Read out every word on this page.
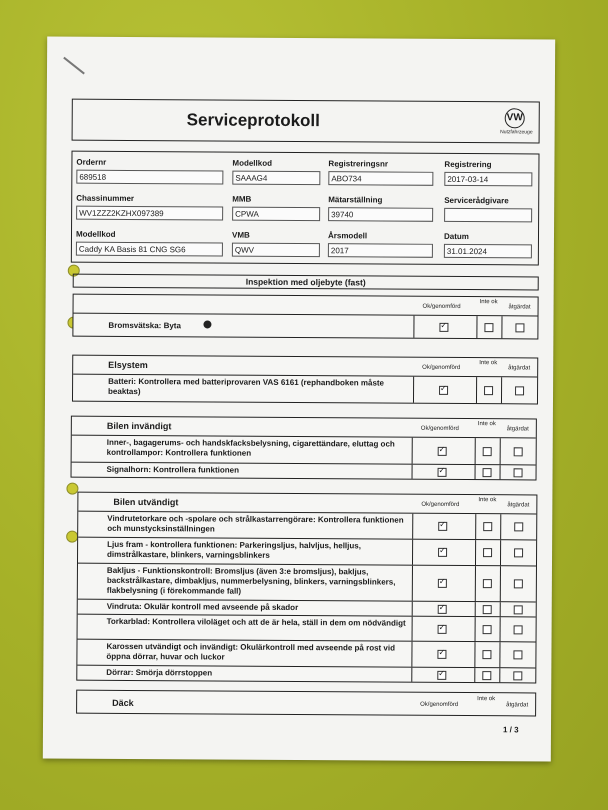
Serviceprotokoll	VW
Nutzfahrzeuge
Ordernr
689518
Modellkod
SAAAG4
Registreringsnr
ABO734
Registrering
2017-03-14
Chassinummer
WV1ZZZ2KZHX097389
MMB
CPWA
Mätarställning
39740
Servicerådgivare
Modellkod
Caddy KA Basis 81 CNG SG6
VMB
QWV
Årsmodell
2017
Datum
31.01.2024
Inspektion med oljebyte (fast)
Ok/genomförd
Inte ok
åtgärdat
Bromsvätska: Byta
✓
Elsystem	Ok/genomförd
Inte ok
åtgärdat
Batteri: Kontrollera med batteriprovaren VAS 6161 (rephandboken måste beaktas)
✓
Bilen invändigt	Ok/genomförd
Inte ok
åtgärdat
Inner-, bagagerums- och handskfacksbelysning, cigarettändare, eluttag och kontrollampor: Kontrollera funktionen
✓
Signalhorn: Kontrollera funktionen
✓
Bilen utvändigt	Ok/genomförd
Inte ok
åtgärdat
Vindrutetorkare och -spolare och strålkastarrengörare: Kontrollera funktionen och munstycksinställningen
✓
Ljus fram - kontrollera funktionen: Parkeringsljus, halvljus, helljus, dimstrålkastare, blinkers, varningsblinkers
✓
Bakljus - Funktionskontroll: Bromsljus (även 3:e bromsljus), bakljus, backstrålkastare, dimbakljus, nummerbelysning, blinkers, varningsblinkers, flakbelysning (i förekommande fall)
✓
Vindruta: Okulär kontroll med avseende på skador
✓
Torkarblad: Kontrollera viloläget och att de är hela, ställ in dem om nödvändigt
✓
Karossen utvändigt och invändigt: Okulärkontroll med avseende på rost vid öppna dörrar, huvar och luckor
✓
Dörrar: Smörja dörrstoppen
✓
Däck	Ok/genomförd
Inte ok
åtgärdat
1 / 3
